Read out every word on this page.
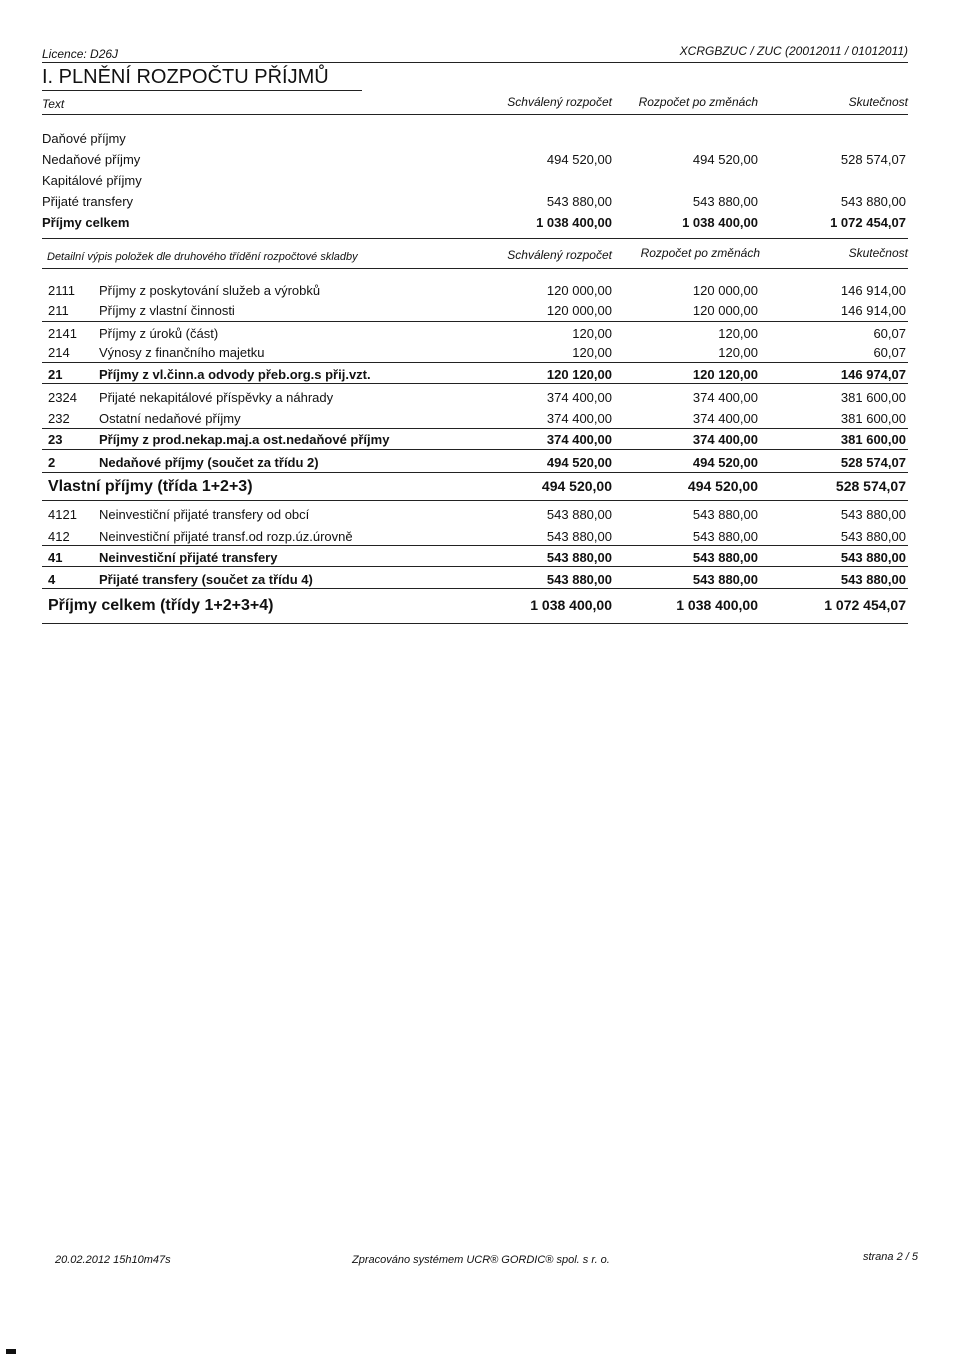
Licence: D26J	XCRGBZUC / ZUC (20012011 / 01012011)
I. PLNĚNÍ ROZPOČTU PŘÍJMŮ
Text	Schválený rozpočet Rozpočet po změnách	Skutečnost
Daňové příjmy
Nedaňové příjmy	494 520,00	494 520,00	528 574,07
Kapitálové příjmy
Přijaté transfery	543 880,00	543 880,00	543 880,00
Příjmy celkem	1 038 400,00	1 038 400,00	1 072 454,07
Detailní výpis položek dle druhového třídění rozpočtové skladby	Schválený rozpočet Rozpočet po změnách	Skutečnost
2111 Příjmy z poskytování služeb a výrobků	120 000,00	120 000,00	146 914,00
211 Příjmy z vlastní činnosti	120 000,00	120 000,00	146 914,00
2141 Příjmy z úroků (část)	120,00	120,00	60,07
214 Výnosy z finančního majetku	120,00	120,00	60,07
21	Příjmy z vl.činn.a odvody přeb.org.s přij.vzt.	120 120,00	120 120,00	146 974,07
2324 Přijaté nekapitálové příspěvky a náhrady	374 400,00	374 400,00	381 600,00
232 Ostatní nedaňové příjmy	374 400,00	374 400,00	381 600,00
23	Příjmy z prod.nekap.maj.a ost.nedaňové příjmy	374 400,00	374 400,00	381 600,00
2	Nedaňové příjmy (součet za třídu 2)	494 520,00	494 520,00	528 574,07
Vlastní příjmy (třída 1+2+3)	494 520,00	494 520,00	528 574,07
4121 Neinvestiční přijaté transfery od obcí	543 880,00	543 880,00	543 880,00
412 Neinvestiční přijaté transf.od rozp.úz.úrovně	543 880,00	543 880,00	543 880,00
41	Neinvestiční přijaté transfery	543 880,00	543 880,00	543 880,00
4	Přijaté transfery (součet za třídu 4)	543 880,00	543 880,00	543 880,00
Příjmy celkem (třídy 1+2+3+4)	1 038 400,00	1 038 400,00	1 072 454,07
20.02.2012 15h10m47s	Zpracováno systémem UCR® GORDIC® spol. s r. o.	strana 2 / 5
